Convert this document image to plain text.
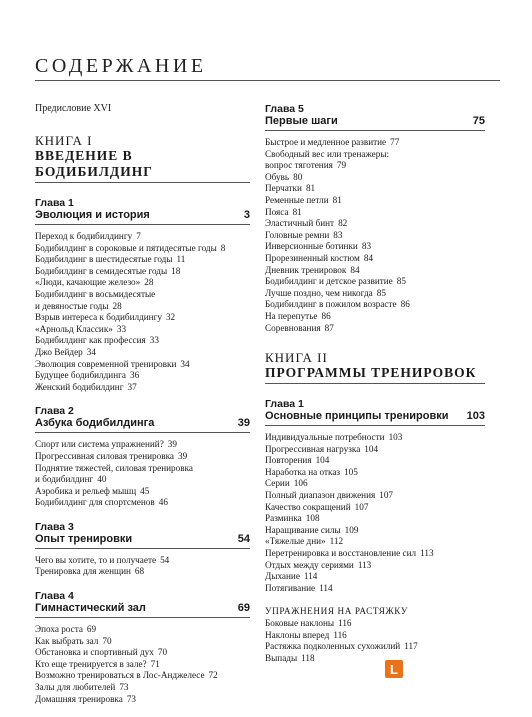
СОДЕРЖАНИЕ
Предисловие XVI
КНИГА I
ВВЕДЕНИЕ В БОДИБИЛДИНГ
Глава 1
Эволюция и история	3
Переход к бодибилдингу 7
Бодибилдинг в сороковые и пятидесятые годы 8
Бодибилдинг в шестидесятые годы 11
Бодибилдинг в семидесятые годы 18
«Люди, качающие железо» 28
Бодибилдинг в восьмидесятые
и девяностые годы 28
Взрыв интереса к бодибилдингу 32
«Арнольд Классик» 33
Бодибилдинг как профессия 33
Джо Вейдер 34
Эволюция современной тренировки 34
Будущее бодибилдинга 36
Женский бодибилдинг 37
Глава 2
Азбука бодибилдинга	39
Спорт или система упражнений? 39
Прогрессивная силовая тренировка 39
Поднятие тяжестей, силовая тренировка
и бодибилдинг 40
Аэробика и рельеф мышц 45
Бодибилдинг для спортсменов 46
Глава 3
Опыт тренировки	54
Чего вы хотите, то и получаете 54
Тренировка для женщин 68
Глава 4
Гимнастический зал	69
Эпоха роста 69
Как выбрать зал 70
Обстановка и спортивный дух 70
Кто еще тренируется в зале? 71
Возможно тренироваться в Лос-Анджелесе 72
Залы для любителей 73
Домашняя тренировка 73
Глава 5
Первые шаги	75
Быстрое и медленное развитие 77
Свободный вес или тренажеры:
вопрос тяготения 79
Обувь 80
Перчатки 81
Ременные петли 81
Пояса 81
Эластичный бинт 82
Головные ремни 83
Инверсионные ботинки 83
Прорезиненный костюм 84
Дневник тренировок 84
Бодибилдинг и детское развитие 85
Лучше поздно, чем никогда 85
Бодибилдинг в пожилом возрасте 86
На перепутье 86
Соревнования 87
КНИГА II
ПРОГРАММЫ ТРЕНИРОВОК
Глава 1
Основные принципы тренировки 103
Индивидуальные потребности 103
Прогрессивная нагрузка 104
Повторения 104
Наработка на отказ 105
Серии 106
Полный диапазон движения 107
Качество сокращений 107
Разминка 108
Наращивание силы 109
«Тяжелые дни» 112
Перетренировка и восстановление сил 113
Отдых между сериями 113
Дыхание 114
Потягивание 114
УПРАЖНЕНИЯ НА РАСТЯЖКУ
Боковые наклоны 116
Наклоны вперед 116
Растяжка подколенных сухожилий 117
Выпады 118
L
